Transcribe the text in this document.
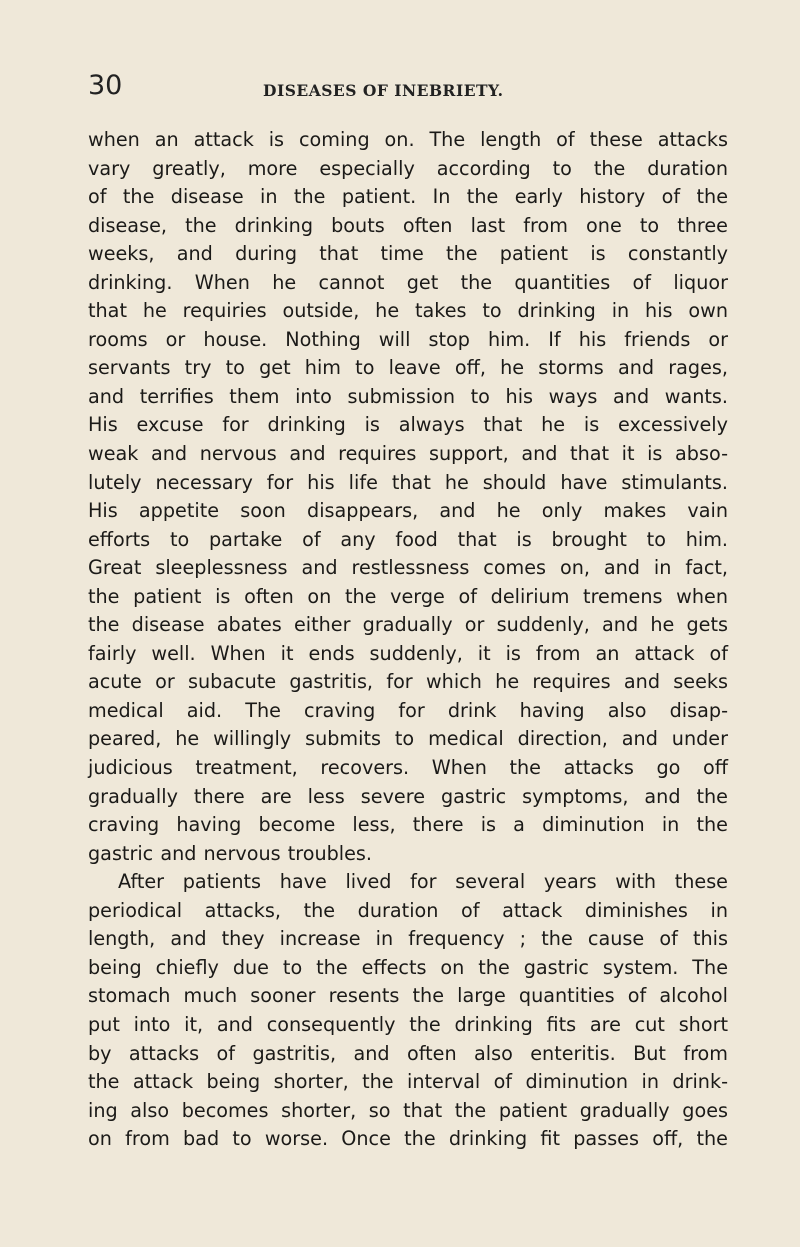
30	DISEASES OF INEBRIETY.
when an attack is coming on. The length of these attacks
vary greatly, more especially according to the duration
of the disease in the patient. In the early history of the
disease, the drinking bouts often last from one to three
weeks, and during that time the patient is constantly
drinking. When he cannot get the quantities of liquor
that he requiries outside, he takes to drinking in his own
rooms or house. Nothing will stop him. If his friends or
servants try to get him to leave off, he storms and rages,
and terrifies them into submission to his ways and wants.
His excuse for drinking is always that he is excessively
weak and nervous and requires support, and that it is abso-
lutely necessary for his life that he should have stimulants.
His appetite soon disappears, and he only makes vain
efforts to partake of any food that is brought to him.
Great sleeplessness and restlessness comes on, and in fact,
the patient is often on the verge of delirium tremens when
the disease abates either gradually or suddenly, and he gets
fairly well. When it ends suddenly, it is from an attack of
acute or subacute gastritis, for which he requires and seeks
medical aid. The craving for drink having also disap-
peared, he willingly submits to medical direction, and under
judicious treatment, recovers. When the attacks go off
gradually there are less severe gastric symptoms, and the
craving having become less, there is a diminution in the
gastric and nervous troubles.
After patients have lived for several years with these
periodical attacks, the duration of attack diminishes in
length, and they increase in frequency ; the cause of this
being chiefly due to the effects on the gastric system. The
stomach much sooner resents the large quantities of alcohol
put into it, and consequently the drinking fits are cut short
by attacks of gastritis, and often also enteritis. But from
the attack being shorter, the interval of diminution in drink-
ing also becomes shorter, so that the patient gradually goes
on from bad to worse. Once the drinking fit passes off, the
